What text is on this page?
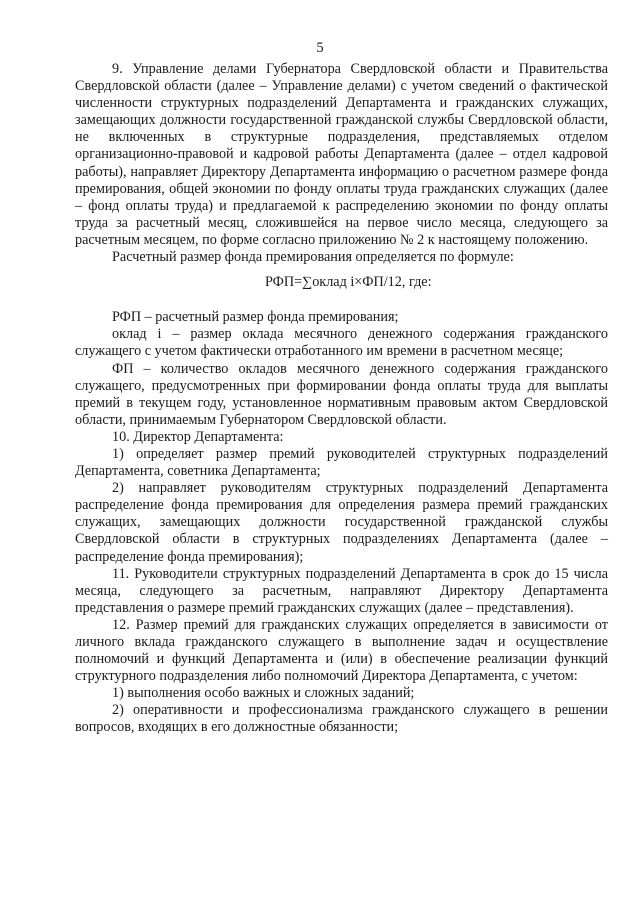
5

9. Управление делами Губернатора Свердловской области и Правительства Свердловской области (далее – Управление делами) с учетом сведений о фактической численности структурных подразделений Департамента и гражданских служащих, замещающих должности государственной гражданской службы Свердловской области, не включенных в структурные подразделения, представляемых отделом организационно-правовой и кадровой работы Департамента (далее – отдел кадровой работы), направляет Директору Департамента информацию о расчетном размере фонда премирования, общей экономии по фонду оплаты труда гражданских служащих (далее – фонд оплаты труда) и предлагаемой к распределению экономии по фонду оплаты труда за расчетный месяц, сложившейся на первое число месяца, следующего за расчетным месяцем, по форме согласно приложению № 2 к настоящему положению.

Расчетный размер фонда премирования определяется по формуле:

РФП=∑оклад i×ФП/12, где:

РФП – расчетный размер фонда премирования;

оклад i – размер оклада месячного денежного содержания гражданского служащего с учетом фактически отработанного им времени в расчетном месяце;

ФП – количество окладов месячного денежного содержания гражданского служащего, предусмотренных при формировании фонда оплаты труда для выплаты премий в текущем году, установленное нормативным правовым актом Свердловской области, принимаемым Губернатором Свердловской области.

10. Директор Департамента:

1) определяет размер премий руководителей структурных подразделений Департамента, советника Департамента;

2) направляет руководителям структурных подразделений Департамента распределение фонда премирования для определения размера премий гражданских служащих, замещающих должности государственной гражданской службы Свердловской области в структурных подразделениях Департамента (далее – распределение фонда премирования);

11. Руководители структурных подразделений Департамента в срок до 15 числа месяца, следующего за расчетным, направляют Директору Департамента представления о размере премий гражданских служащих (далее – представления).

12. Размер премий для гражданских служащих определяется в зависимости от личного вклада гражданского служащего в выполнение задач и осуществление полномочий и функций Департамента и (или) в обеспечение реализации функций структурного подразделения либо полномочий Директора Департамента, с учетом:

1) выполнения особо важных и сложных заданий;

2) оперативности и профессионализма гражданского служащего в решении вопросов, входящих в его должностные обязанности;
